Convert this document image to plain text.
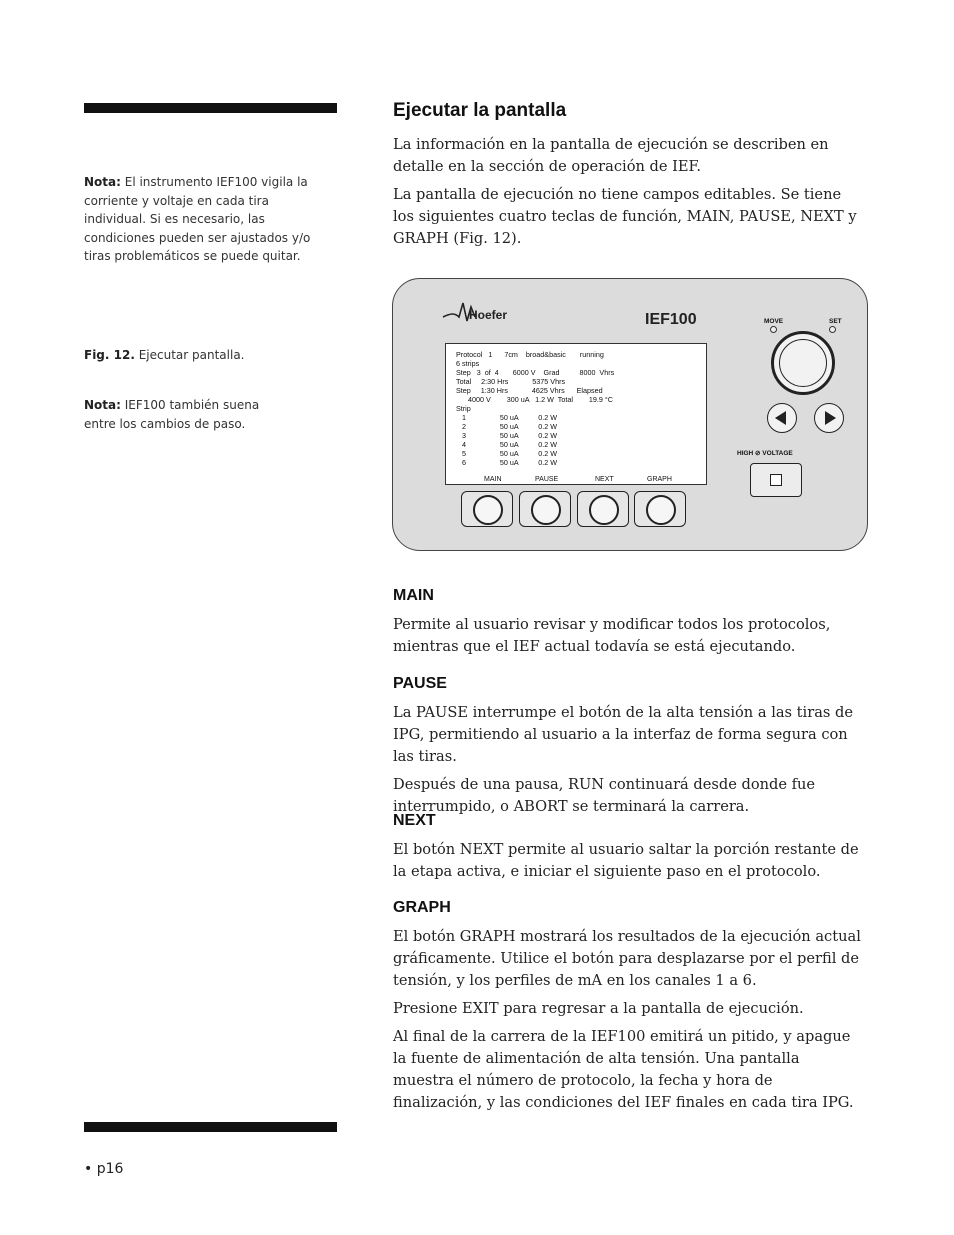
Nota: El instrumento IEF100 vigila la corriente y voltaje en cada tira individual. Si es necesario, las condiciones pueden ser ajustados y/o tiras problemáticos se puede quitar.
Fig. 12. Ejecutar pantalla.
Nota: IEF100 también suena entre los cambios de paso.
Ejecutar la pantalla

La información en la pantalla de ejecución se describen en detalle en la sección de operación de IEF.

La pantalla de ejecución no tiene campos editables. Se tiene los siguientes cuatro teclas de función, MAIN, PAUSE, NEXT y GRAPH (Fig. 12).

Hoefer	IEF100
Protocol   1      7cm    broad&basic       running
6 strips
Step   3  of  4       6000 V    Grad          8000  Vhrs
Total     2:30 Hrs            5375 Vhrs
Step     1:30 Hrs            4625 Vhrs      Elapsed
4000 V        300 uA   1.2 W  Total        19.9 °C
Strip
1                 50 uA          0.2 W
2                 50 uA          0.2 W
3                 50 uA          0.2 W
4                 50 uA          0.2 W
5                 50 uA          0.2 W
6                 50 uA          0.2 W
MAIN	PAUSE	NEXT	GRAPH
MOVE	SET
HIGH ⊘ VOLTAGE
MAIN

Permite al usuario revisar y modificar todos los protocolos, mientras que el IEF actual todavía se está ejecutando.

PAUSE

La PAUSE interrumpe el botón de la alta tensión a las tiras de IPG, permitiendo al usuario a la interfaz de forma segura con las tiras.

Después de una pausa, RUN continuará desde donde fue interrumpido, o ABORT se terminará la carrera.

NEXT

El botón NEXT permite al usuario saltar la porción restante de la etapa activa, e iniciar el siguiente paso en el protocolo.

GRAPH

El botón GRAPH mostrará los resultados de la ejecución actual gráficamente. Utilice el botón para desplazarse por el perfil de tensión, y los perfiles de mA en los canales 1 a 6.

Presione EXIT para regresar a la pantalla de ejecución.

Al final de la carrera de la IEF100 emitirá un pitido, y apague la fuente de alimentación de alta tensión. Una pantalla muestra el número de protocolo, la fecha y hora de finalización, y las condiciones del IEF finales en cada tira IPG.

• p16
